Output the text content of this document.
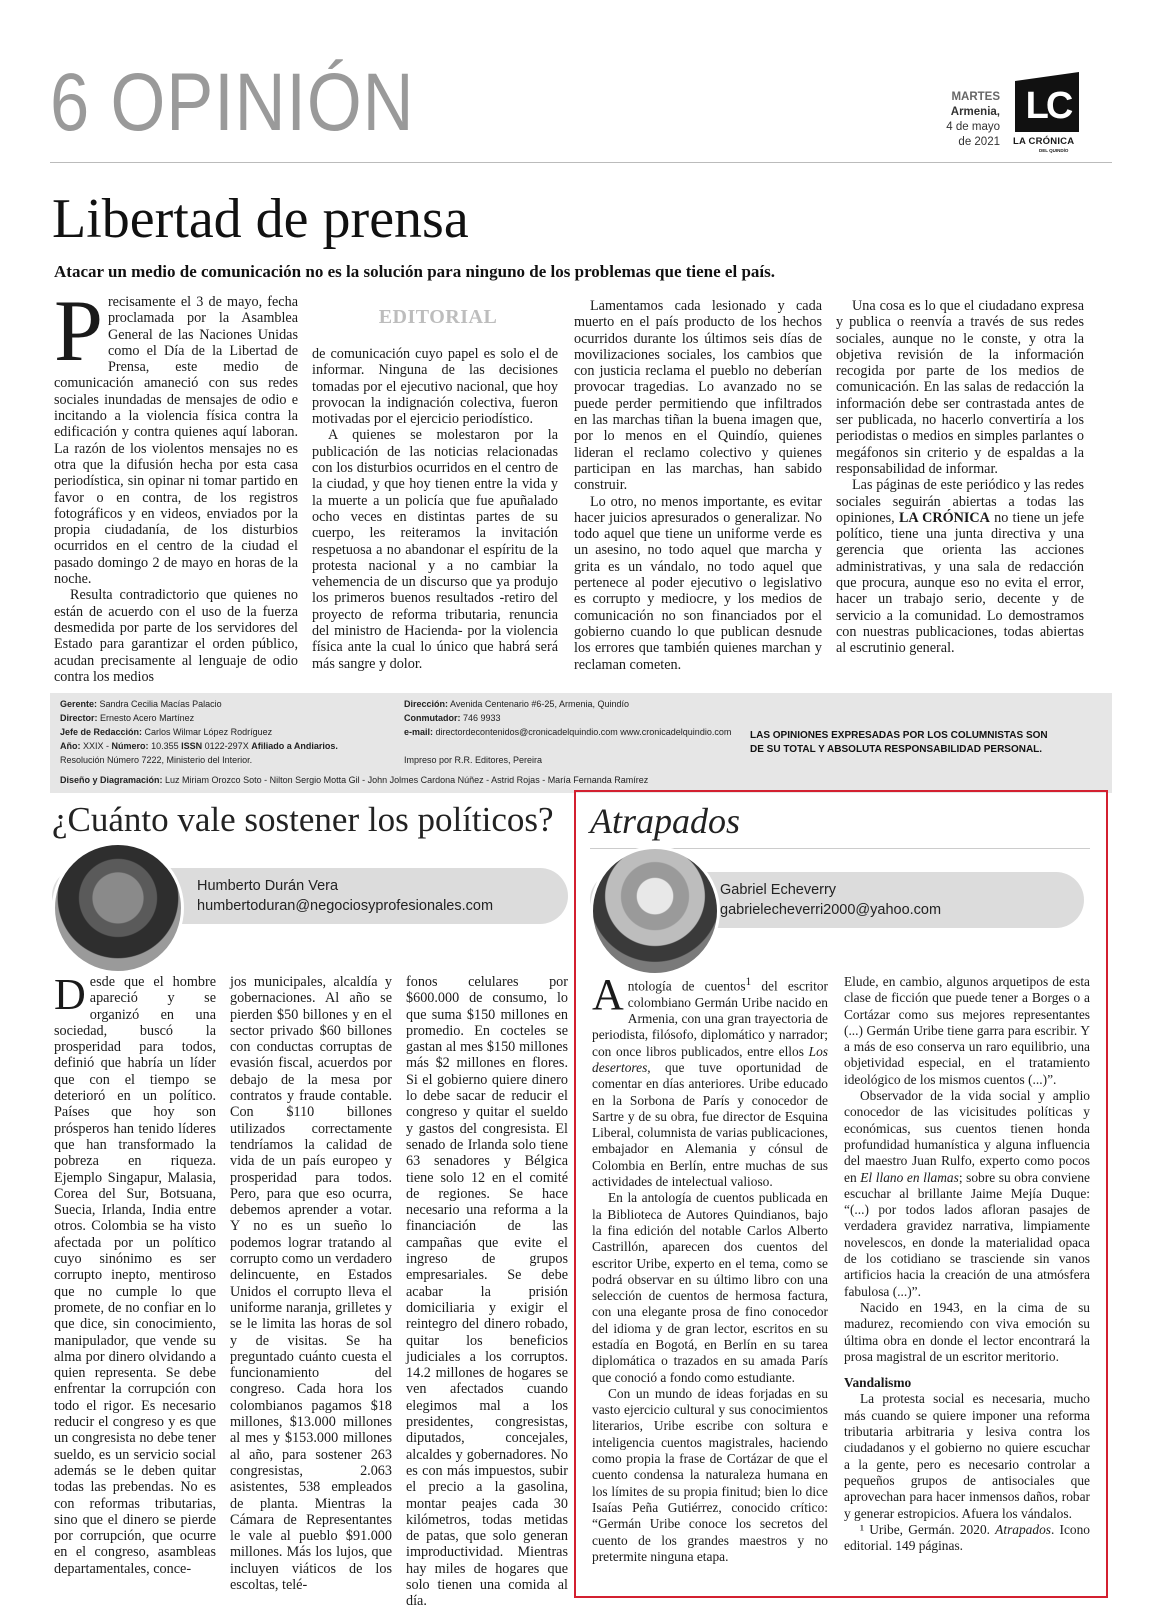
6 OPINIÓN	MARTES
Armenia,
4 de mayo
de 2021
LC
LA CRÓNICA
DEL QUINDÍO
Libertad de prensa
Atacar un medio de comunicación no es la solución para ninguno de los problemas que tiene el país.
P recisamente el 3 de mayo, fecha proclamada por la Asamblea General de las Naciones Unidas como el Día de la Libertad de Prensa, este medio de comunicación amaneció con sus redes sociales inundadas de mensajes de odio e incitando a la violencia física contra la edificación y contra quienes aquí laboran. La razón de los violentos mensajes no es otra que la difusión hecha por esta casa periodística, sin opinar ni tomar partido en favor o en contra, de los registros fotográficos y en videos, enviados por la propia ciudadanía, de los disturbios ocurridos en el centro de la ciudad el pasado domingo 2 de mayo en horas de la noche.

Resulta contradictorio que quienes no están de acuerdo con el uso de la fuerza desmedida por parte de los servidores del Estado para garantizar el orden público, acudan precisamente al lenguaje de odio contra los medios

EDITORIAL

de comunicación cuyo papel es solo el de informar. Ninguna de las decisiones tomadas por el ejecutivo nacional, que hoy provocan la indignación colectiva, fueron motivadas por el ejercicio periodístico.

A quienes se molestaron por la publicación de las noticias relacionadas con los disturbios ocurridos en el centro de la ciudad, y que hoy tienen entre la vida y la muerte a un policía que fue apuñalado ocho veces en distintas partes de su cuerpo, les reiteramos la invitación respetuosa a no abandonar el espíritu de la protesta nacional y a no cambiar la vehemencia de un discurso que ya produjo los primeros buenos resultados -retiro del proyecto de reforma tributaria, renuncia del ministro de Hacienda- por la violencia física ante la cual lo único que habrá será más sangre y dolor.

Lamentamos cada lesionado y cada muerto en el país producto de los hechos ocurridos durante los últimos seis días de movilizaciones sociales, los cambios que con justicia reclama el pueblo no deberían provocar tragedias. Lo avanzado no se puede perder permitiendo que infiltrados en las marchas tiñan la buena imagen que, por lo menos en el Quindío, quienes lideran el reclamo colectivo y quienes participan en las marchas, han sabido construir.

Lo otro, no menos importante, es evitar hacer juicios apresurados o generalizar. No todo aquel que tiene un uniforme verde es un asesino, no todo aquel que marcha y grita es un vándalo, no todo aquel que pertenece al poder ejecutivo o legislativo es corrupto y mediocre, y los medios de comunicación no son financiados por el gobierno cuando lo que publican desnude los errores que también quienes marchan y reclaman cometen.

Una cosa es lo que el ciudadano expresa y publica o reenvía a través de sus redes sociales, aunque no le conste, y otra la objetiva revisión de la información recogida por parte de los medios de comunicación. En las salas de redacción la información debe ser contrastada antes de ser publicada, no hacerlo convertiría a los periodistas o medios en simples parlantes o megáfonos sin criterio y de espaldas a la responsabilidad de informar.

Las páginas de este periódico y las redes sociales seguirán abiertas a todas las opiniones, LA CRÓNICA no tiene un jefe político, tiene una junta directiva y una gerencia que orienta las acciones administrativas, y una sala de redacción que procura, aunque eso no evita el error, hacer un trabajo serio, decente y de servicio a la comunidad. Lo demostramos con nuestras publicaciones, todas abiertas al escrutinio general.

Gerente: Sandra Cecilia Macías Palacio
Director: Ernesto Acero Martínez
Jefe de Redacción: Carlos Wilmar López Rodríguez
Año: XXIX - Número: 10.355 ISSN 0122-297X Afiliado a Andiarios.
Resolución Número 7222, Ministerio del Interior.
Dirección: Avenida Centenario #6-25, Armenia, Quindío
Conmutador: 746 9933
e-mail: directordecontenidos@cronicadelquindio.com www.cronicadelquindio.com
Impreso por R.R. Editores, Pereira
LAS OPINIONES EXPRESADAS POR LOS COLUMNISTAS SON DE SU TOTAL Y ABSOLUTA RESPONSABILIDAD PERSONAL.
Diseño y Diagramación: Luz Miriam Orozco Soto - Nilton Sergio Motta Gil - John Jolmes Cardona Núñez - Astrid Rojas - María Fernanda Ramírez
¿Cuánto vale sostener los políticos?
Humberto Durán Vera
humbertoduran@negociosyprofesionales.com
D esde que el hombre apareció y se organizó en una sociedad, buscó la prosperidad para todos, definió que habría un líder que con el tiempo se deterioró en un político. Países que hoy son prósperos han tenido líderes que han transformado la pobreza en riqueza. Ejemplo Singapur, Malasia, Corea del Sur, Botsuana, Suecia, Irlanda, India entre otros. Colombia se ha visto afectada por un político cuyo sinónimo es ser corrupto inepto, mentiroso que no cumple lo que promete, de no confiar en lo que dice, sin conocimiento, manipulador, que vende su alma por dinero olvidando a quien representa. Se debe enfrentar la corrupción con todo el rigor. Es necesario reducir el congreso y es que un congresista no debe tener sueldo, es un servicio social además se le deben quitar todas las prebendas. No es con reformas tributarias, sino que el dinero se pierde por corrupción, que ocurre en el congreso, asambleas departamentales, conce-

jos municipales, alcaldía y gobernaciones. Al año se pierden $50 billones y en el sector privado $60 billones con conductas corruptas de evasión fiscal, acuerdos por debajo de la mesa por contratos y fraude contable. Con $110 billones utilizados correctamente tendríamos la calidad de vida de un país europeo y prosperidad para todos. Pero, para que eso ocurra, debemos aprender a votar. Y no es un sueño lo podemos lograr tratando al corrupto como un verdadero delincuente, en Estados Unidos el corrupto lleva el uniforme naranja, grilletes y se le limita las horas de sol y de visitas. Se ha preguntado cuánto cuesta el funcionamiento del congreso. Cada hora los colombianos pagamos $18 millones, $13.000 millones al mes y $153.000 millones al año, para sostener 263 congresistas, 2.063 asistentes, 538 empleados de planta. Mientras la Cámara de Representantes le vale al pueblo $91.000 millones. Más los lujos, que incluyen viáticos de los escoltas, telé-

fonos celulares por $600.000 de consumo, lo que suma $150 millones en promedio. En cocteles se gastan al mes $150 millones más $2 millones en flores. Si el gobierno quiere dinero lo debe sacar de reducir el congreso y quitar el sueldo y gastos del congresista. El senado de Irlanda solo tiene 63 senadores y Bélgica tiene solo 12 en el comité de regiones. Se hace necesario una reforma a la financiación de las campañas que evite el ingreso de grupos empresariales. Se debe acabar la prisión domiciliaria y exigir el reintegro del dinero robado, quitar los beneficios judiciales a los corruptos. 14.2 millones de hogares se ven afectados cuando elegimos mal a los presidentes, congresistas, diputados, concejales, alcaldes y gobernadores. No es con más impuestos, subir el precio a la gasolina, montar peajes cada 30 kilómetros, todas metidas de patas, que solo generan improductividad. Mientras hay miles de hogares que solo tienen una comida al día.

Atrapados
Gabriel Echeverry
gabrielecheverri2000@yahoo.com
A ntología de cuentos$^1$ del escritor colombiano Germán Uribe nacido en Armenia, con una gran trayectoria de periodista, filósofo, diplomático y narrador; con once libros publicados, entre ellos Los desertores, que tuve oportunidad de comentar en días anteriores. Uribe educado en la Sorbona de París y conocedor de Sartre y de su obra, fue director de Esquina Liberal, columnista de varias publicaciones, embajador en Alemania y cónsul de Colombia en Berlín, entre muchas de sus actividades de intelectual valioso.

En la antología de cuentos publicada en la Biblioteca de Autores Quindianos, bajo la fina edición del notable Carlos Alberto Castrillón, aparecen dos cuentos del escritor Uribe, experto en el tema, como se podrá observar en su último libro con una selección de cuentos de hermosa factura, con una elegante prosa de fino conocedor del idioma y de gran lector, escritos en su estadía en Bogotá, en Berlín en su tarea diplomática o trazados en su amada París que conoció a fondo como estudiante.

Con un mundo de ideas forjadas en su vasto ejercicio cultural y sus conocimientos literarios, Uribe escribe con soltura e inteligencia cuentos magistrales, haciendo como propia la frase de Cortázar de que el cuento condensa la naturaleza humana en los límites de su propia finitud; bien lo dice Isaías Peña Gutiérrez, conocido crítico: “Germán Uribe conoce los secretos del cuento de los grandes maestros y no pretermite ninguna etapa.

Elude, en cambio, algunos arquetipos de esta clase de ficción que puede tener a Borges o a Cortázar como sus mejores representantes (...) Germán Uribe tiene garra para escribir. Y a más de eso conserva un raro equilibrio, una objetividad especial, en el tratamiento ideológico de los mismos cuentos (...)”.

Observador de la vida social y amplio conocedor de las vicisitudes políticas y económicas, sus cuentos tienen honda profundidad humanística y alguna influencia del maestro Juan Rulfo, experto como pocos en El llano en llamas; sobre su obra conviene escuchar al brillante Jaime Mejía Duque: “(...) por todos lados afloran pasajes de verdadera gravidez narrativa, limpiamente novelescos, en donde la materialidad opaca de los cotidiano se trasciende sin vanos artificios hacia la creación de una atmósfera fabulosa (...)”.

Nacido en 1943, en la cima de su madurez, recomiendo con viva emoción su última obra en donde el lector encontrará la prosa magistral de un escritor meritorio.

Vandalismo

La protesta social es necesaria, mucho más cuando se quiere imponer una reforma tributaria arbitraria y lesiva contra los ciudadanos y el gobierno no quiere escuchar a la gente, pero es necesario controlar a pequeños grupos de antisociales que aprovechan para hacer inmensos daños, robar y generar estropicios. Afuera los vándalos.

¹ Uribe, Germán. 2020. Atrapados. Icono editorial. 149 páginas.
